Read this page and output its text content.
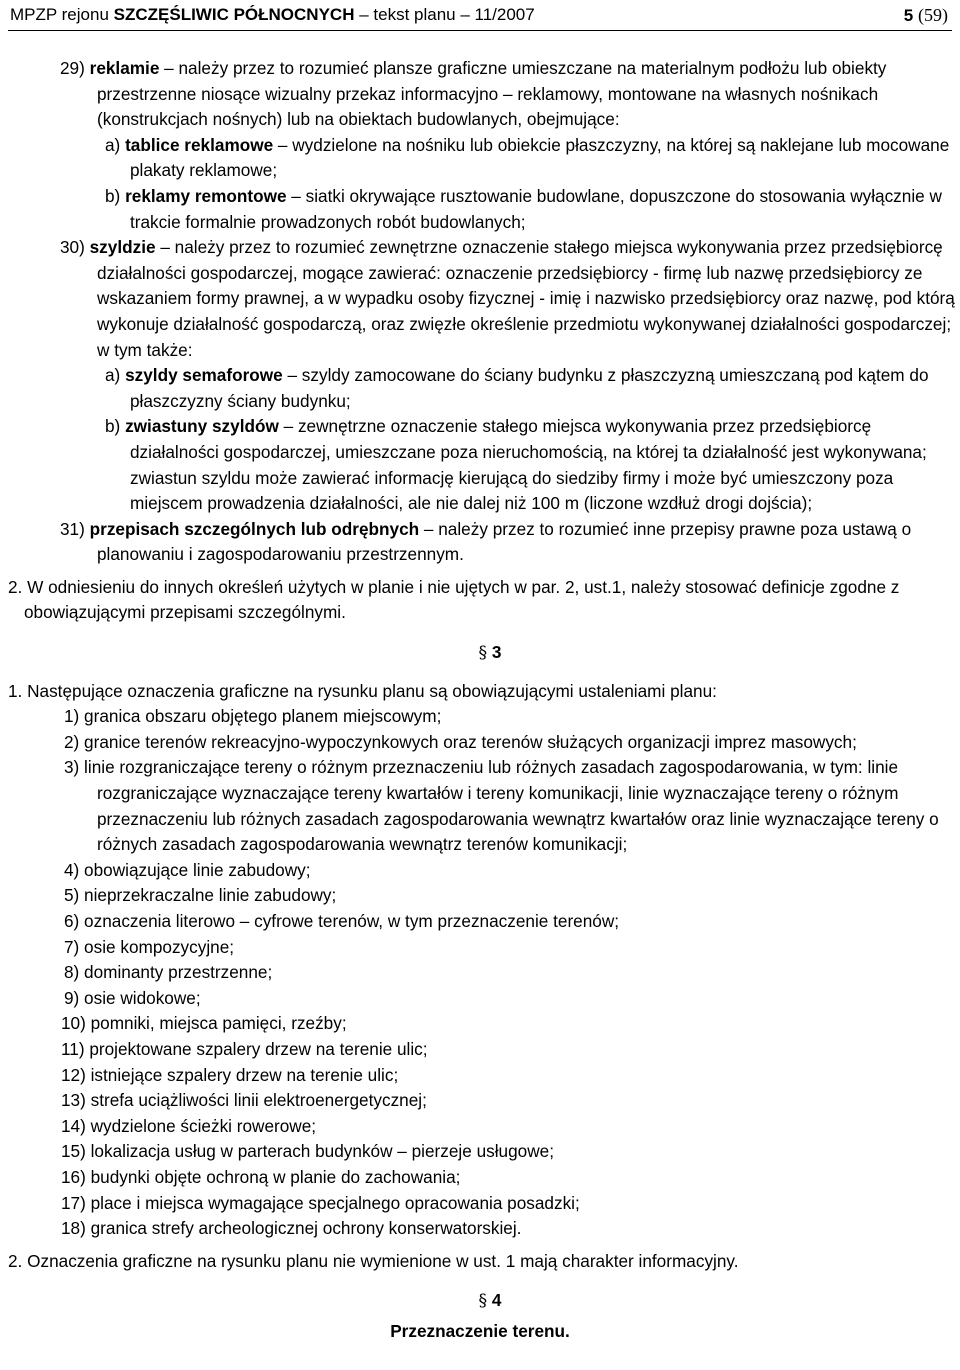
MPZP rejonu SZCZĘŚLIWIC PÓŁNOCNYCH – tekst planu – 11/2007	5 (59)

29) reklamie – należy przez to rozumieć plansze graficzne umieszczane na materialnym podłożu lub obiekty przestrzenne niosące wizualny przekaz informacyjno – reklamowy, montowane na własnych nośnikach (konstrukcjach nośnych) lub na obiektach budowlanych, obejmujące:

a) tablice reklamowe – wydzielone na nośniku lub obiekcie płaszczyzny, na której są naklejane lub mocowane plakaty reklamowe;

b) reklamy remontowe – siatki okrywające rusztowanie budowlane, dopuszczone do stosowania wyłącznie w trakcie formalnie prowadzonych robót budowlanych;

30) szyldzie – należy przez to rozumieć zewnętrzne oznaczenie stałego miejsca wykonywania przez przedsiębiorcę działalności gospodarczej, mogące zawierać: oznaczenie przedsiębiorcy - firmę lub nazwę przedsiębiorcy ze wskazaniem formy prawnej, a w wypadku osoby fizycznej - imię i nazwisko przedsiębiorcy oraz nazwę, pod którą wykonuje działalność gospodarczą, oraz zwięzłe określenie przedmiotu wykonywanej działalności gospodarczej; w tym także:

a) szyldy semaforowe – szyldy zamocowane do ściany budynku z płaszczyzną umieszczaną pod kątem do płaszczyzny ściany budynku;

b) zwiastuny szyldów – zewnętrzne oznaczenie stałego miejsca wykonywania przez przedsiębiorcę działalności gospodarczej, umieszczane poza nieruchomością, na której ta działalność jest wykonywana; zwiastun szyldu może zawierać informację kierującą do siedziby firmy i może być umieszczony poza miejscem prowadzenia działalności, ale nie dalej niż 100 m (liczone wzdłuż drogi dojścia);

31) przepisach szczególnych lub odrębnych – należy przez to rozumieć inne przepisy prawne poza ustawą o planowaniu i zagospodarowaniu przestrzennym.

2. W odniesieniu do innych określeń użytych w planie i nie ujętych w par. 2, ust.1, należy stosować definicje zgodne z obowiązującymi przepisami szczególnymi.

§ 3

1. Następujące oznaczenia graficzne na rysunku planu są obowiązującymi ustaleniami planu:

1) granica obszaru objętego planem miejscowym;

2) granice terenów rekreacyjno-wypoczynkowych oraz terenów służących organizacji imprez masowych;

3) linie rozgraniczające tereny o różnym przeznaczeniu lub różnych zasadach zagospodarowania, w tym: linie rozgraniczające wyznaczające tereny kwartałów i tereny komunikacji, linie wyznaczające tereny o różnym przeznaczeniu lub różnych zasadach zagospodarowania wewnątrz kwartałów oraz linie wyznaczające tereny o różnych zasadach zagospodarowania wewnątrz terenów komunikacji;

4) obowiązujące linie zabudowy;

5) nieprzekraczalne linie zabudowy;

6) oznaczenia literowo – cyfrowe terenów, w tym przeznaczenie terenów;

7) osie kompozycyjne;

8) dominanty przestrzenne;

9) osie widokowe;

10) pomniki, miejsca pamięci, rzeźby;

11) projektowane szpalery drzew na terenie ulic;

12) istniejące szpalery drzew na terenie ulic;

13) strefa uciążliwości linii elektroenergetycznej;

14) wydzielone ścieżki rowerowe;

15) lokalizacja usług w parterach budynków – pierzeje usługowe;

16) budynki objęte ochroną w planie do zachowania;

17) place i miejsca wymagające specjalnego opracowania posadzki;

18) granica strefy archeologicznej ochrony konserwatorskiej.

2. Oznaczenia graficzne na rysunku planu nie wymienione w ust. 1 mają charakter informacyjny.

§ 4
Przeznaczenie terenu.
